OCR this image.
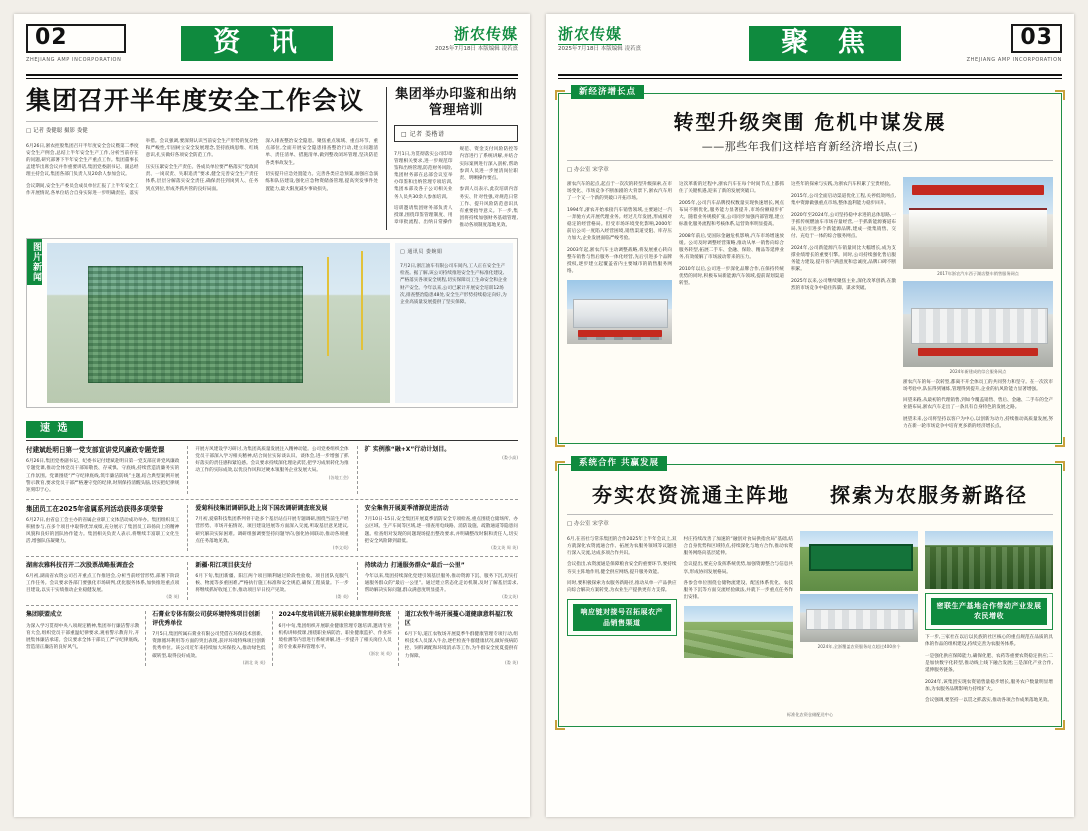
02
ZHEJIANG AMP INCORPORATION
资 讯	浙农传媒
2025年7月18日 本版编辑 凌若熹
集团召开半年度安全工作会议
□ 记者 娄健聪 摄影 娄健

6月26日,浙农控股集团召开半年度安全会议暨第二季度安全生产例会,总结上半年安全生产工作,分析当前存在的问题,研究部署下半年安全生产重点工作。集团董事长孟建华出席会议并作重要讲话,集团党委副书记、副总经理主持会议,集团各部门负责人及20余人参加会议。

会议期间,安全生产委员会成员单位汇报了上半年安全工作开展情况,各单位结合自身实际进一步明确责任、落实举措。会议强调,要深刻认识当前安全生产形势的复杂性和严峻性,牢固树立安全发展理念,坚持底线思维、红线意识,扎实做好各项安全防范工作。

压实压紧安全生产责任。各成员单位要严格落实“党政同责、一岗双责、失职追责”要求,健全完善安全生产责任体系,层层分解落实安全责任,确保责任到岗到人、任务到点到位,形成齐抓共管的良好局面。

深入排查整治安全隐患。聚焦重点领域、重点环节、重点部位,全面开展安全隐患排查整治行动,建立问题清单、责任清单、措施清单,做到整改闭环管理,坚决防范各类事故发生。

切实提升应急处置能力。完善各类应急预案,加强应急演练和队伍建设,强化应急物资储备管理,提高突发事件处置能力,最大限度减少事故损失。

集团举办印鉴和出纳管理培训
□ 记者 娄楷谱

7月1日,为贯彻落实公司印章管理相关要求,进一步规范印鉴和出纳管理,防范财务风险,集团财务部在总部会议室举办印鉴和出纳管理专项培训,集团本部及各子公司相关业务人员共30余人参加培训。

培训邀请集团财务部负责人授课,围绕印鉴管理制度、用章审批流程、出纳日常操作规范、资金支付风险防控等内容进行了系统讲解,并结合实际案例进行深入剖析,帮助参训人员进一步厘清岗位职责、明晰操作要点。

参训人员表示,此次培训内容务实、针对性强,对规范日常工作、提升风险防范意识具有重要指导意义。下一步,集团将持续加强财务基础管理,推动各项制度落地见效。

图片新闻
	□ 通讯员 娄婉娟

7月2日,浙江油车有限公司车间内,工人正在安全生产检查。据了解,该公司持续推进安全生产标准化建设,严格落实各项安全规程,切实保障员工生命安全和企业财产安全。今年以来,公司已累计开展安全培训12场次,排查整治隐患48处,安全生产形势持续稳定向好,为企业高质量发展提供了坚实保障。

速 选
付建斌赴明日第一党支部宣讲党风廉政专题党课

6月26日,集团党委副书记、纪委书记付建斌赴明日第一党支部宣讲党风廉政专题党课,推动全体党员干部知敬畏、存戒惧、守底线,持续营造清廉务实的工作氛围。党课围绕“严守纪律底线,筑牢廉洁防线”主题,结合典型案例开展警示教育,要求党员干部严格遵守党的纪律,时刻保持清醒头脑,切实把纪律规矩刻印于心。

开展方风建设学习研讨,为集团高质量发展注入精神动能。公司党委组织全体党员干部深入学习相关精神,结合岗位实际谈认识、谈体会,进一步增强了抓好落实的责任感和紧迫感。会议要求持续深化理论武装,把学习成果转化为推动工作的实际成效,以优良作风和过硬本领服务企业发展大局。

(各地工会)
扩 实例推“融+X”行动计划目。
(娄小高)
集团员工在2025年省属系列活动获得多项荣誉

6月27日,由省总工会主办的省属企业职工文体活动成功举办。集团组织员工积极参与,在多个项目中取得优异成绩,充分展示了集团员工昂扬向上的精神风貌和良好的团队协作能力。集团相关负责人表示,将继续丰富职工文化生活,增强队伍凝聚力。

爱菊科技集团调研队赴上岗下国改调研调查班发展

7月初,爱菊科技集团系列骨干赴多个基层站点开展专题调研,围绕当前生产经营形势、市场开拓情况、项目建设进展等方面深入交流,听取基层意见建议,研究解决实际困难。调研组强调要坚持问题导向,强化协同联动,推动各项重点任务落地见效。

(李文英)
安全集售开展夏季清源促进活动

7月10日-15日,安全集团开展夏季消防安全专项检查,重点围绕仓储场所、办公区域、生产车间等区域,逐一排查用电线路、消防设施、疏散通道等隐患问题。检查组对发现的问题现场提出整改要求,并明确整改时限和责任人,切实把安全风险降到最低。

(娄文英 周 英)
湖南农雅科技召开二次股票战略报调查会

6月初,湖南省农资公司召开重点工作推进会,分析当前经营形势,部署下阶段工作任务。会议要求各部门要强化市场研判,优化服务体系,加快推进重点项目建设,以实干实绩推动企业稳健发展。

(娄 英)
新疆·阳江项目获支付

6月下旬,集团新疆、阳江两个项目顺利通过阶段性验收。项目团队克服气候、物流等多重困难,严格执行施工标准和安全规范,确保工程质量。下一步将继续抓好收尾工作,推动项目早日投产见效。

(娄 英)
持续动力 打通服务群众“最后一公里”

今年以来,集团持续深化党建引领基层服务,推动资源下沉、服务下沉,切实打通服务群众的“最后一公里”。通过建立常态化走访机制,及时了解基层需求,帮助解决实际问题,群众满意度明显提升。

(娄文英)
集团联盟成立

为深入学习贯彻中央八项规定精神,集团举行廉洁警示教育大会,组织党员干部重温纪律要求,观看警示教育片,开展集体廉洁承诺。会议要求全体干部员工严守纪律底线,营造清正廉洁的良好风气。

石膏业专体有限公司获环境特殊项目创新评优秀单位

7月5日,集团所属石膏业有限公司凭借在环保技术创新、资源循环利用等方面的突出表现,获评环境特殊项目创新优秀单位。该公司近年来持续加大环保投入,推动绿色低碳转型,取得良好成效。

(湖北 英 英)
2024年度培训班开展职业健康管理师资班

6月中旬,集团组织开展职业健康管理专题培训,邀请专业机构讲师授课,围绕职业病防治、职业健康监护、作业环境检测等内容进行系统讲解,进一步提升了相关岗位人员的专业素养和管理水平。

(浙农 英 英)
道江农牧牛场开展蔓心道健康意料福江牧区

6月下旬,道江农牧场开展夏季牛群健康管理专项行动,组织技术人员深入牛舍,逐栏检查牛群健康状况,做好疫病防控、饲料调配和环境消杀等工作,为牛群安全度夏提供有力保障。

(娄 英)
浙农传媒
2025年7月18日 本版编辑 凌若熹	聚 焦	03
ZHEJIANG AMP INCORPORATION
新经济增长点
转型升级突围 危机中谋发展
——那些年我们这样培育新经济增长点(三)
□ 办公室 宋学章

浙农汽车的起点,起点于一次次的转型升级探索,在市场变化、市场竞争不断加剧的大背景下,浙农汽车用了一个又一个新的突破口开拓市场。

1994年,浙农开始承接汽车销售领域,主要通过一汽一奔驰方式开展代理业务。经过几年发展,形成相对稳定的经营格局。但受市场环境变化影响,2000年前后公司一度陷入经营困境,销售渠道受阻、库存压力加大,企业发展面临严峻考验。

2003年起,浙农汽车主动调整战略,将发展重心转向整车销售与售后服务一体化经营,先后引进多个品牌授权,逐步建立起覆盖省内主要城市的销售服务网络。

这次革新的过程中,浙农汽车在每个时间节点上都抓住了关键机遇,迎来了新的发展突破口。

2005年,公司汽车品牌授权数量实现快速增长,网点布局不断优化,服务能力显著提升,市场份额稳步扩大。随着业务规模扩张,公司同步加强内部管理,建立标准化服务流程和考核体系,运营效率明显提高。

2008年前后,受国际金融危机影响,汽车市场增速放缓。公司及时调整经营策略,推动从单一销售向综合服务转型,拓展二手车、金融、保险、精品等延伸业务,有效缓解了市场波动带来的压力。

2010年以后,公司进一步深化品牌合作,在保持传统优势的同时,积极布局新能源汽车领域,提前谋划渠道转型。

这些年的探索与实践,为浙农汽车积累了宝贵经验。

2015年,公司全面启动渠道优化工程,关停低效网点,集中资源做强重点市场,整体盈利能力稳步回升。

2020年至2024年,公司坚持稳中求进的总体思路,一手抓传统燃油车市场存量经营,一手抓新能源赛道布局,先后引进多个新能源品牌,建成一批集销售、交付、充电于一体的综合服务网点。

2024年,公司新能源汽车销量同比大幅增长,成为支撑业绩增长的重要引擎。同时,公司持续强化售后服务能力建设,提升客户满意度和忠诚度,品牌口碑不断积累。

2025年以来,公司继续聚焦主业,深化改革创新,在激烈的市场竞争中稳住阵脚、谋求突破。

2017年浙农汽车西子湖店整车销售服务网点
2024年新建成的综合服务网点

浙农汽车的每一次转型,都离不开全体员工的共同努力和坚守。在一次次市场考验中,队伍得到锤炼,管理得到提升,企业的抗风险能力显著增强。

回望来路,从最初的代理销售,到如今覆盖销售、售后、金融、二手车的全产业链布局,浙农汽车走出了一条具有自身特色的发展之路。

展望未来,公司将坚持以客户为中心,以创新为动力,持续推动高质量发展,努力在新一轮市场竞争中培育更多新的经济增长点。

系统合作 共赢发展
夯实农资流通主阵地 探索为农服务新路径
□ 办公室 宋学章

6月,在省社与常乐集团的合作2025年上半年会议上,双方就深化农资流通合作、拓展为农服务领域等议题进行深入交流,达成多项合作共识。

会议指出,农资流通是保障粮食安全的重要环节,要持续夯实主阵地作用,健全供应网络,提升服务效能。

同时,要积极探索为农服务新路径,推动从单一产品供应向综合解决方案转变,为农业生产提供更有力支撑。

响应链对接号召拓展农产品销售渠道

村庄持续改善了加速的“融创对食局供指食局”基础,结合自身优势和区域特点,持续深化与地方合作,推动农资服务网络向基层延伸。

会议提出,要充分发挥系统优势,加强资源整合与信息共享,形成协同发展格局。

各参会单位围绕仓储物流建设、配送体系优化、农技服务下沉等方面交流经验做法,并就下一步重点任务作出安排。

2024年,全浙覆盖农资服务站点超过400余个
密联生产基地合作带动产业发展农民增收

下一步,三家社在以后以民族的社区核心的重点规范在品质的具体的作品的组织建设,持续完善为农服务体系。

一是强化供应保障能力,确保化肥、农药等重要农资稳定供应;二是加快数字化转型,推动线上线下融合发展;三是深化产业合作,延伸服务链条。

2024年,该集团实现农资销售量稳步增长,服务农户数量明显增加,为农服务品牌影响力持续扩大。

会议强调,要坚持一以贯之抓落实,推动各项合作成果落地见效。

标准化农资仓储配送中心
